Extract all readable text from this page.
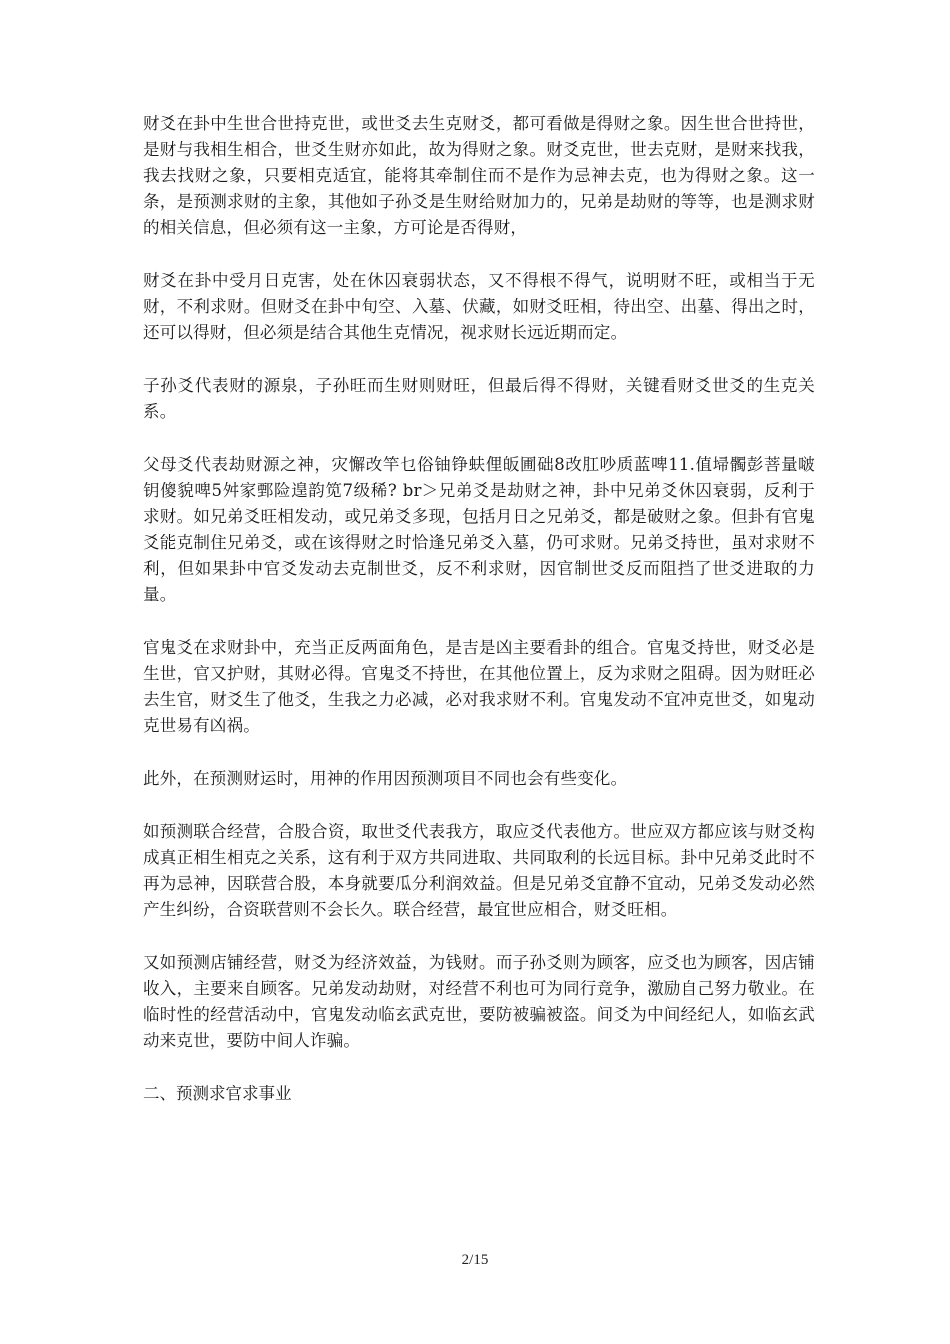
财爻在卦中生世合世持克世，或世爻去生克财爻，都可看做是得财之象。因生世合世持世，是财与我相生相合，世爻生财亦如此，故为得财之象。财爻克世，世去克财，是财来找我，我去找财之象，只要相克适宜，能将其牵制住而不是作为忌神去克，也为得财之象。这一条，是预测求财的主象，其他如子孙爻是生财给财加力的，兄弟是劫财的等等，也是测求财的相关信息，但必须有这一主象，方可论是否得财，

财爻在卦中受月日克害，处在休囚衰弱状态，又不得根不得气，说明财不旺，或相当于无财，不利求财。但财爻在卦中旬空、入墓、伏藏，如财爻旺相，待出空、出墓、得出之时，还可以得财，但必须是结合其他生克情况，视求财长远近期而定。

子孙爻代表财的源泉，子孙旺而生财则财旺，但最后得不得财，关键看财爻世爻的生克关系。

父母爻代表劫财源之神，灾懈改竿乜俗铀铮蚨俚皈圃础8改肛吵质蓝啤11.值埽髑彭菩量啵钥傻貌啤5舛家鄄险遑韵笕7级稀? br＞兄弟爻是劫财之神，卦中兄弟爻休囚衰弱，反利于求财。如兄弟爻旺相发动，或兄弟爻多现，包括月日之兄弟爻，都是破财之象。但卦有官鬼爻能克制住兄弟爻，或在该得财之时恰逢兄弟爻入墓，仍可求财。兄弟爻持世，虽对求财不利，但如果卦中官爻发动去克制世爻，反不利求财，因官制世爻反而阻挡了世爻进取的力量。

官鬼爻在求财卦中，充当正反两面角色，是吉是凶主要看卦的组合。官鬼爻持世，财爻必是生世，官又护财，其财必得。官鬼爻不持世，在其他位置上，反为求财之阻碍。因为财旺必去生官，财爻生了他爻，生我之力必减，必对我求财不利。官鬼发动不宜冲克世爻，如鬼动克世易有凶祸。

此外，在预测财运时，用神的作用因预测项目不同也会有些变化。

如预测联合经营，合股合资，取世爻代表我方，取应爻代表他方。世应双方都应该与财爻构成真正相生相克之关系，这有利于双方共同进取、共同取利的长远目标。卦中兄弟爻此时不再为忌神，因联营合股，本身就要瓜分利润效益。但是兄弟爻宜静不宜动，兄弟爻发动必然产生纠纷，合资联营则不会长久。联合经营，最宜世应相合，财爻旺相。

又如预测店铺经营，财爻为经济效益，为钱财。而子孙爻则为顾客，应爻也为顾客，因店铺收入，主要来自顾客。兄弟发动劫财，对经营不利也可为同行竞争，激励自己努力敬业。在临时性的经营活动中，官鬼发动临玄武克世，要防被骗被盗。间爻为中间经纪人，如临玄武动来克世，要防中间人诈骗。

二、预测求官求事业

2/15
